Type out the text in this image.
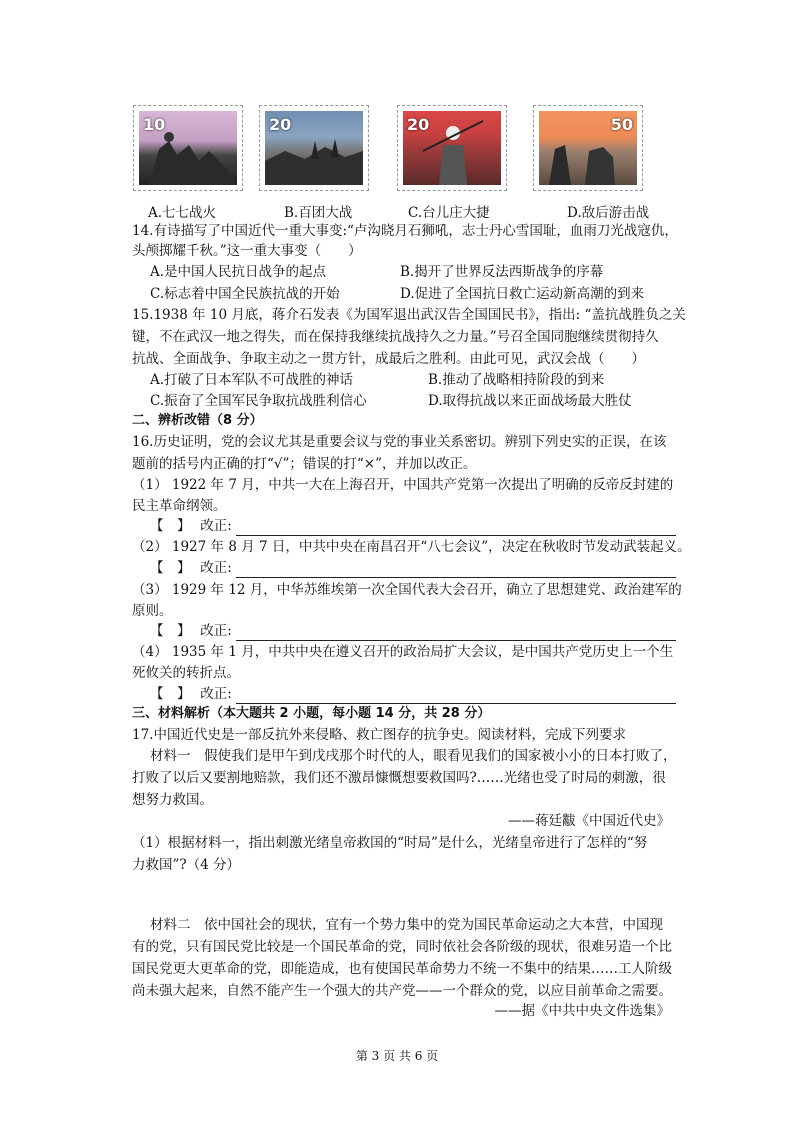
10	20	20	50
A.七七战火	B.百团大战	C.台儿庄大捷	D.敌后游击战
14.有诗描写了中国近代一重大事变:“卢沟晓月石狮吼，志士丹心雪国耻，血雨刀光战寇仇，
头颅掷耀千秋。”这一重大事变（　　）
A.是中国人民抗日战争的起点	B.揭开了世界反法西斯战争的序幕
C.标志着中国全民族抗战的开始	D.促进了全国抗日救亡运动新高潮的到来
15.1938 年 10 月底，蒋介石发表《为国军退出武汉告全国国民书》，指出: “盖抗战胜负之关
键，不在武汉一地之得失，而在保持我继续抗战持久之力量。”号召全国同胞继续贯彻持久
抗战、全面战争、争取主动之一贯方针，成最后之胜利。由此可见，武汉会战（　　）
A.打破了日本军队不可战胜的神话	B.推动了战略相持阶段的到来
C.振奋了全国军民争取抗战胜利信心	D.取得抗战以来正面战场最大胜仗
二、辨析改错（8 分）
16.历史证明，党的会议尤其是重要会议与党的事业关系密切。辨别下列史实的正误，在该
题前的括号内正确的打“√”；错误的打“×”，并加以改正。
（1） 1922 年 7 月，中共一大在上海召开，中国共产党第一次提出了明确的反帝反封建的
民主革命纲领。
【　】 改正:
（2） 1927 年 8 月 7 日，中共中央在南昌召开“八七会议”，决定在秋收时节发动武装起义。
【　】 改正:
（3） 1929 年 12 月，中华苏维埃第一次全国代表大会召开，确立了思想建党、政治建军的
原则。
【　】 改正:
（4） 1935 年 1 月，中共中央在遵义召开的政治局扩大会议，是中国共产党历史上一个生
死攸关的转折点。
【　】 改正:
三、材料解析（本大题共 2 小题，每小题 14 分，共 28 分）
17.中国近代史是一部反抗外来侵略、救亡图存的抗争史。阅读材料，完成下列要求
材料一　假使我们是甲午到戊戌那个时代的人，眼看见我们的国家被小小的日本打败了，
打败了以后又要割地赔款，我们还不激昂慷慨想要救国吗?……光绪也受了时局的刺激，很
想努力救国。
——蒋廷黻《中国近代史》
（1）根据材料一，指出刺激光绪皇帝救国的“时局”是什么，光绪皇帝进行了怎样的“努
力救国”?（4 分）
材料二　依中国社会的现状，宜有一个势力集中的党为国民革命运动之大本营，中国现
有的党，只有国民党比较是一个国民革命的党，同时依社会各阶级的现状，很难另造一个比
国民党更大更革命的党，即能造成，也有使国民革命势力不统一不集中的结果……工人阶级
尚未强大起来，自然不能产生一个强大的共产党——一个群众的党，以应目前革命之需要。
——据《中共中央文件选集》
第 3 页 共 6 页
